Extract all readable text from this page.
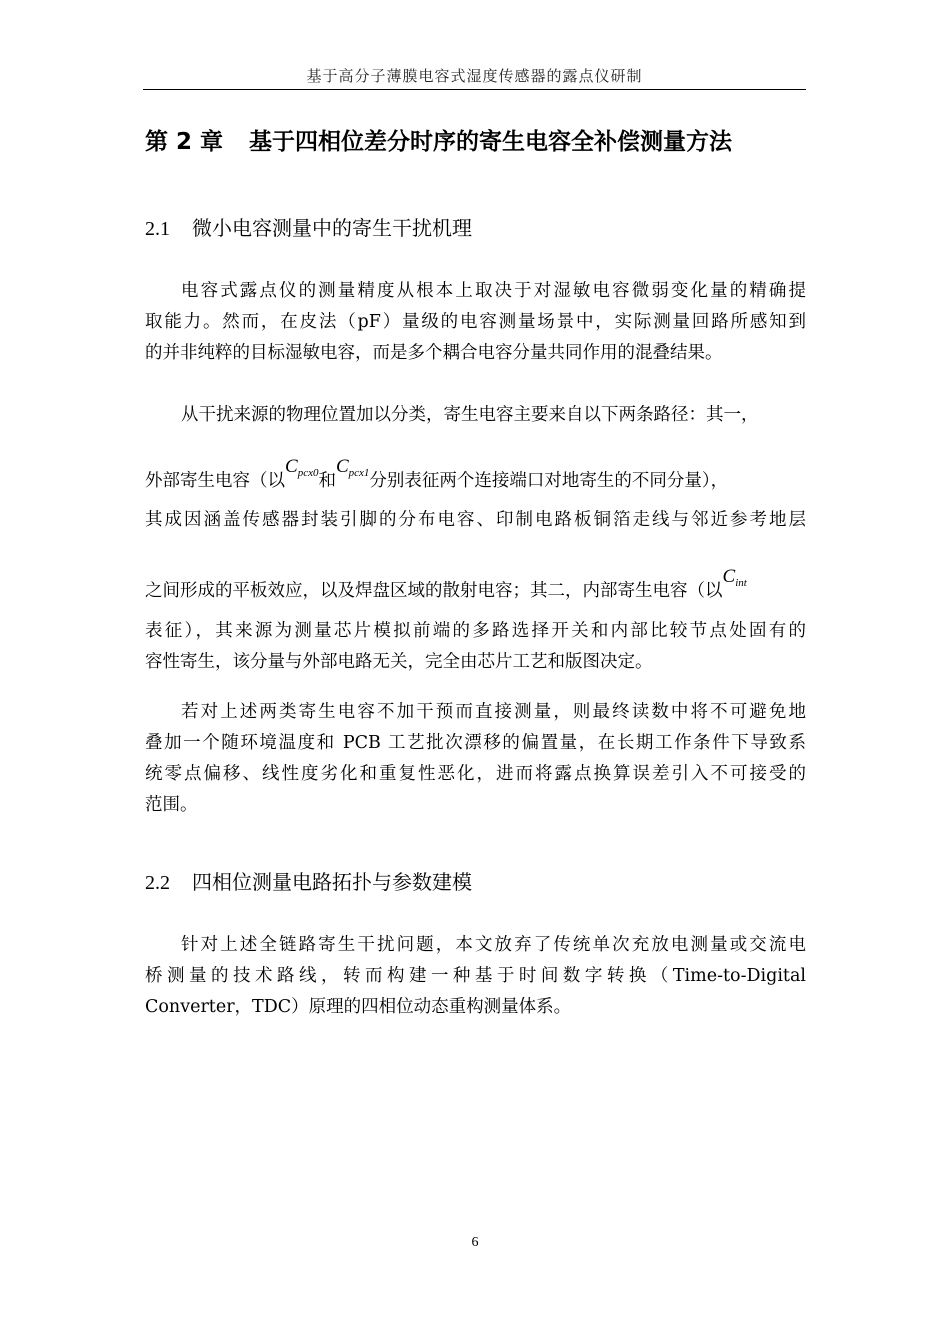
基于高分子薄膜电容式湿度传感器的露点仪研制
第 2 章 基于四相位差分时序的寄生电容全补偿测量方法
2.1 微小电容测量中的寄生干扰机理
电容式露点仪的测量精度从根本上取决于对湿敏电容微弱变化量的精确提
取能力。然而，在皮法（pF）量级的电容测量场景中，实际测量回路所感知到
的并非纯粹的目标湿敏电容，而是多个耦合电容分量共同作用的混叠结果。
从干扰来源的物理位置加以分类，寄生电容主要来自以下两条路径：其一，
外部寄生电容（以$C_{pcx0}$和$C_{pcx1}$分别表征两个连接端口对地寄生的不同分量），
其成因涵盖传感器封装引脚的分布电容、印制电路板铜箔走线与邻近参考地层
之间形成的平板效应，以及焊盘区域的散射电容；其二，内部寄生电容（以$C_{int}$
表征），其来源为测量芯片模拟前端的多路选择开关和内部比较节点处固有的
容性寄生，该分量与外部电路无关，完全由芯片工艺和版图决定。
若对上述两类寄生电容不加干预而直接测量，则最终读数中将不可避免地
叠加一个随环境温度和 PCB 工艺批次漂移的偏置量，在长期工作条件下导致系
统零点偏移、线性度劣化和重复性恶化，进而将露点换算误差引入不可接受的
范围。
2.2 四相位测量电路拓扑与参数建模
针对上述全链路寄生干扰问题，本文放弃了传统单次充放电测量或交流电
桥测量的技术路线，转而构建一种基于时间数字转换（Time-to-Digital
Converter，TDC）原理的四相位动态重构测量体系。
6
